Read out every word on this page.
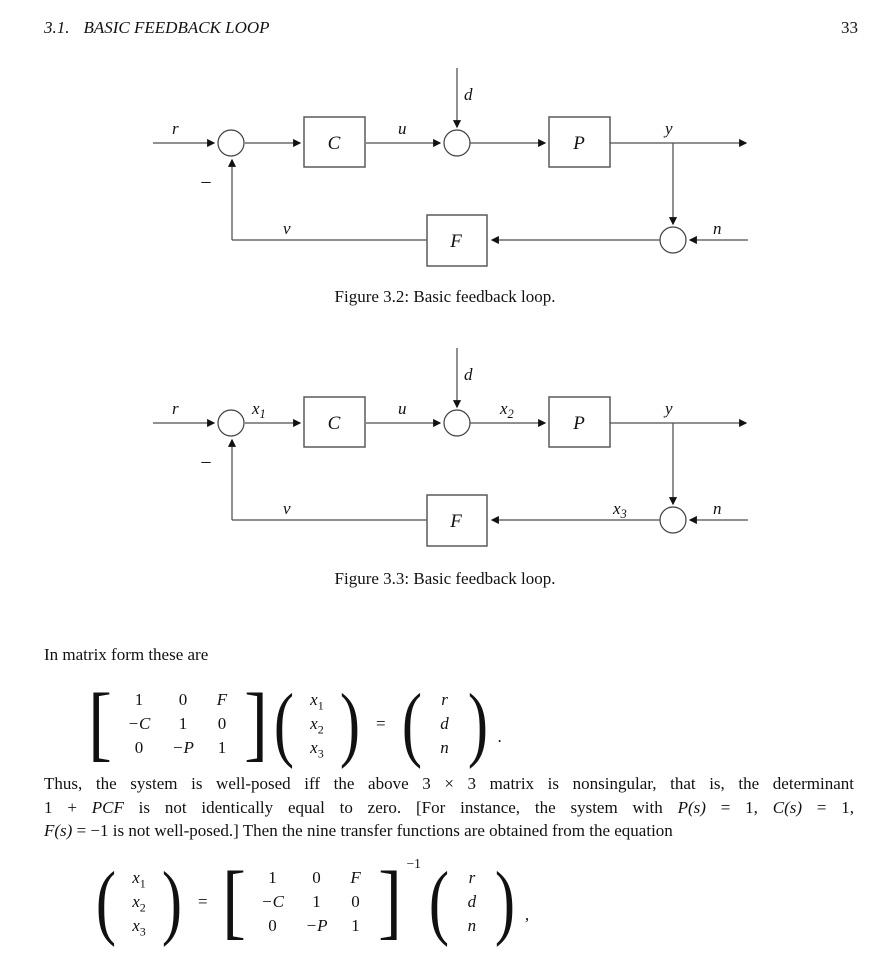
3.1. BASIC FEEDBACK LOOP	33
d
r
C
u
P
y
n
F
−
v
Figure 3.2: Basic feedback loop.
d
r	$x_1$	C
u	$x_2$	P
y
n
$x_3$
F
−
v
Figure 3.3: Basic feedback loop.
In matrix form these are
[	1	0	F
−C	1	0
0	−P	1 ] ( $x_1$
$x_2$
$x_3$ ) = ( r
d
n ) .
Thus, the system is well-posed iff the above 3 × 3 matrix is nonsingular, that is, the determinant
1 + PCF is not identically equal to zero. [For instance, the system with P(s) = 1, C(s) = 1,
F(s) = −1 is not well-posed.] Then the nine transfer functions are obtained from the equation
( $x_1$
$x_2$
$x_3$ ) = [	1	0	F
−C	1	0
0	−P	1 ] −1 ( r
d
n ) ,
